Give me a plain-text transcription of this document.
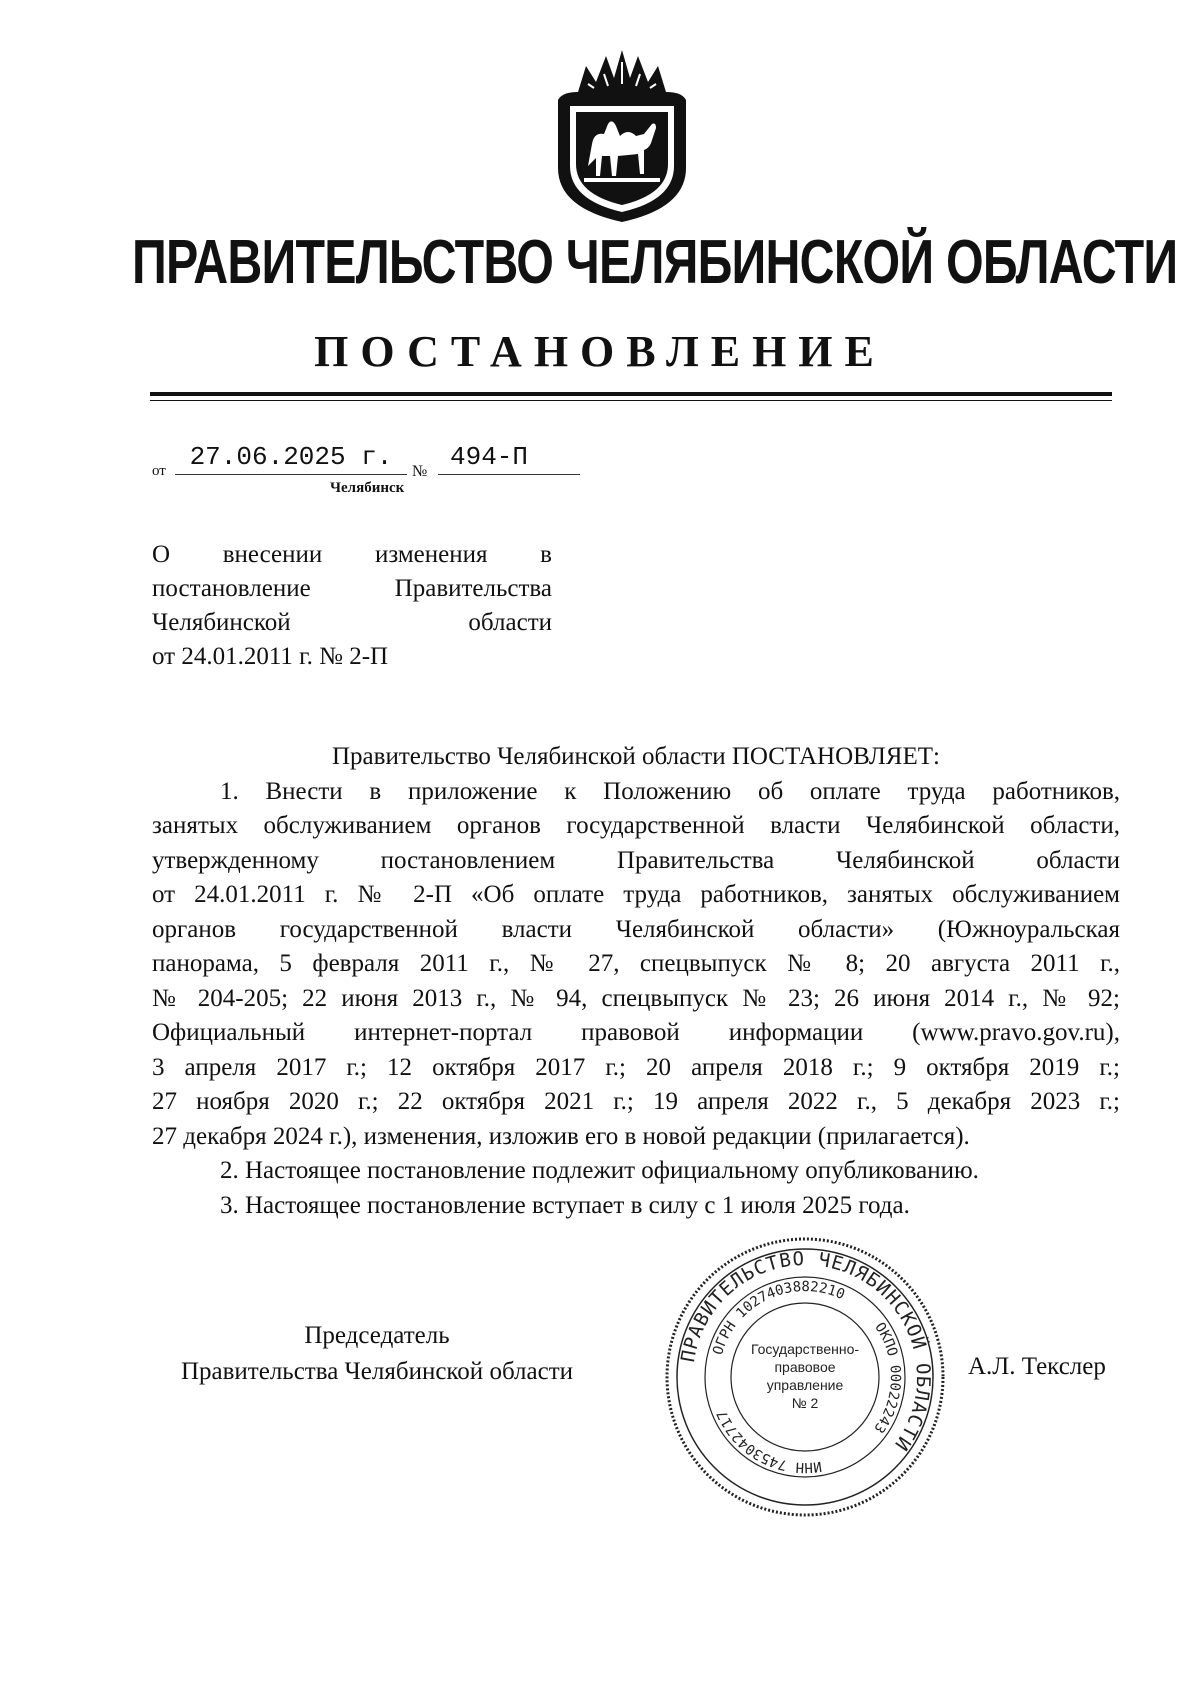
ПРАВИТЕЛЬСТВО ЧЕЛЯБИНСКОЙ ОБЛАСТИ
ПОСТАНОВЛЕНИЕ
от 27.06.2025 г.	№ 494-П
Челябинск
О внесении изменения в
постановление Правительства
Челябинской области
от 24.01.2011 г. № 2-П
Правительство Челябинской области ПОСТАНОВЛЯЕТ:
1. Внести в приложение к Положению об оплате труда работников,
занятых обслуживанием органов государственной власти Челябинской области,
утвержденному постановлением Правительства Челябинской области
от 24.01.2011 г. № 2-П «Об оплате труда работников, занятых обслуживанием
органов государственной власти Челябинской области» (Южноуральская
панорама, 5 февраля 2011 г., № 27, спецвыпуск № 8; 20 августа 2011 г.,
№ 204-205; 22 июня 2013 г., № 94, спецвыпуск № 23; 26 июня 2014 г., № 92;
Официальный интернет-портал правовой информации (www.pravo.gov.ru),
3 апреля 2017 г.; 12 октября 2017 г.; 20 апреля 2018 г.; 9 октября 2019 г.;
27 ноября 2020 г.; 22 октября 2021 г.; 19 апреля 2022 г., 5 декабря 2023 г.;
27 декабря 2024 г.), изменения, изложив его в новой редакции (прилагается).
2. Настоящее постановление подлежит официальному опубликованию.
3. Настоящее постановление вступает в силу с 1 июля 2025 года.
Председатель
Правительства Челябинской области	А.Л. Текслер
ПРАВИТЕЛЬСТВО ЧЕЛЯБИНСКОЙ ОБЛАСТИ
ОГРН 1027403882210
ОКПО 00022243
ИНН 7453042717
Государственно-
правовое
управление
№ 2
